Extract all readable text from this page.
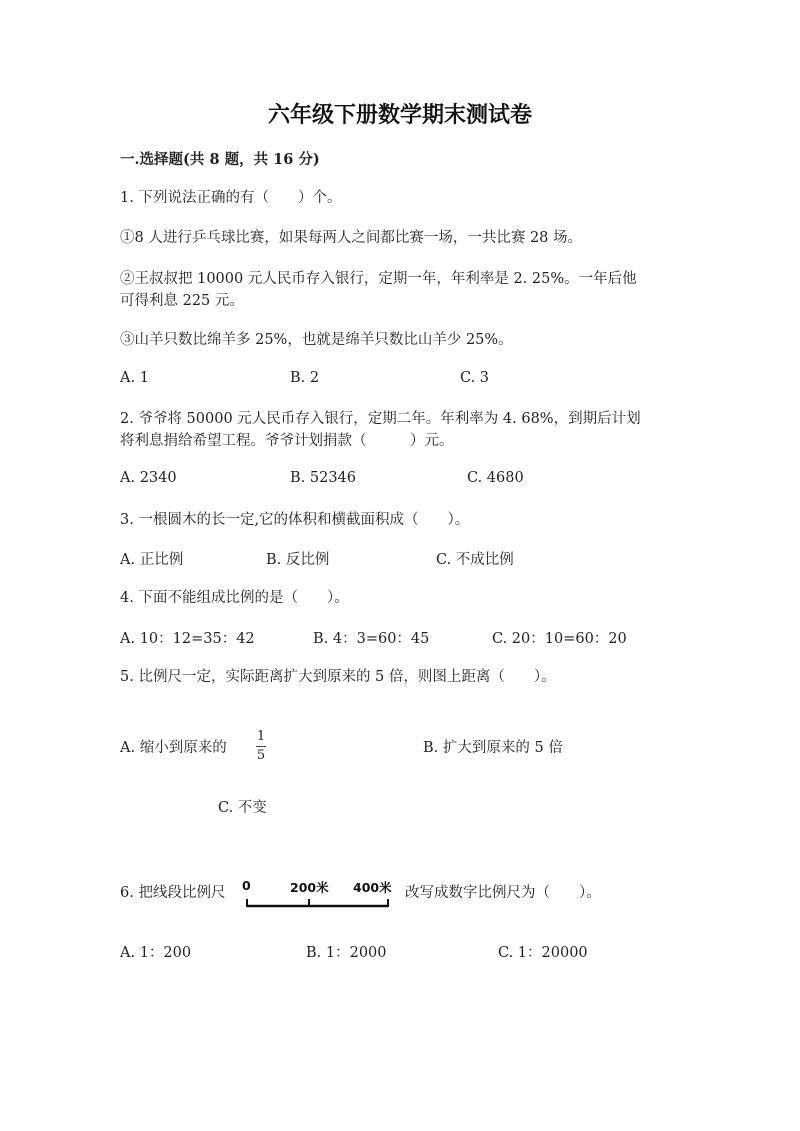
六年级下册数学期末测试卷
一.选择题(共 8 题，共 16 分)
1. 下列说法正确的有（　　）个。
①8 人进行乒乓球比赛，如果每两人之间都比赛一场，一共比赛 28 场。
②王叔叔把 10000 元人民币存入银行，定期一年，年利率是 2. 25%。一年后他
可得利息 225 元。
③山羊只数比绵羊多 25%，也就是绵羊只数比山羊少 25%。
A. 1	B. 2	C. 3
2. 爷爷将 50000 元人民币存入银行，定期二年。年利率为 4. 68%，到期后计划
将利息捐给希望工程。爷爷计划捐款（　　　）元。
A. 2340	B. 52346	C. 4680
3. 一根圆木的长一定,它的体积和横截面积成（　　）。
A. 正比例	B. 反比例	C. 不成比例
4. 下面不能组成比例的是（　　）。
A. 10：12=35：42	B. 4：3=60：45	C. 20：10=60：20
5. 比例尺一定，实际距离扩大到原来的 5 倍，则图上距离（　　）。
A. 缩小到原来的
1
5	B. 扩大到原来的 5 倍
C. 不变
6. 把线段比例尺 0	200米 400米 改写成数字比例尺为（　　）。
A. 1：200	B. 1：2000	C. 1：20000
